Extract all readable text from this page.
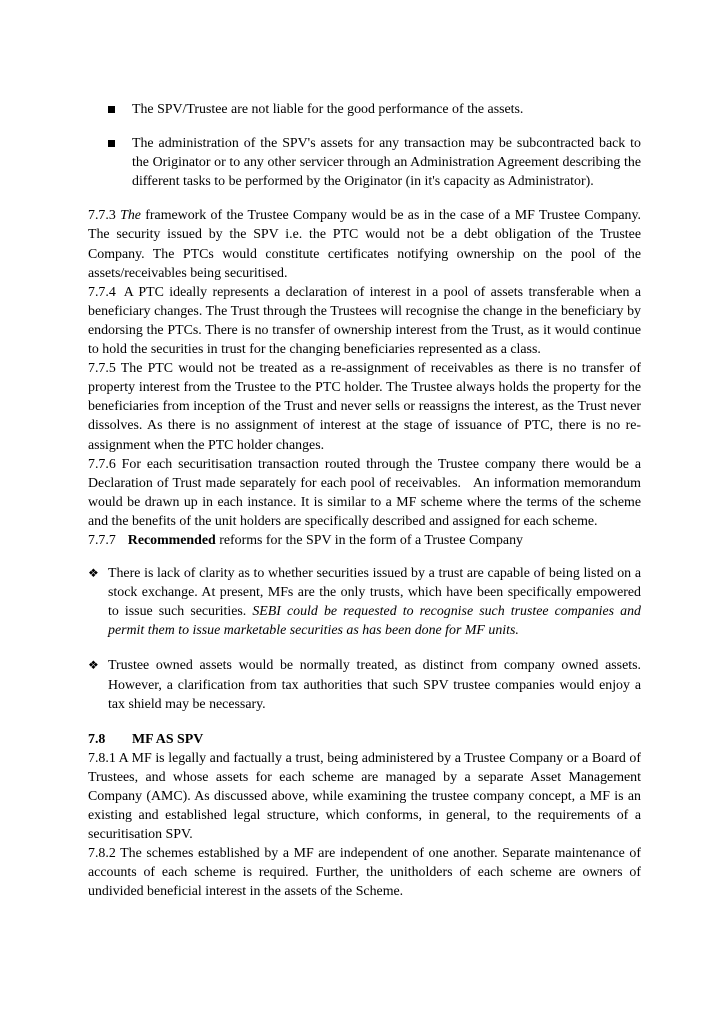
The SPV/Trustee are not liable for the good performance of the assets.
The administration of the SPV's assets for any transaction may be subcontracted back to the Originator or to any other servicer through an Administration Agreement describing the different tasks to be performed by the Originator (in it's capacity as Administrator).

7.7.3 The framework of the Trustee Company would be as in the case of a MF Trustee Company. The security issued by the SPV i.e. the PTC would not be a debt obligation of the Trustee Company. The PTCs would constitute certificates notifying ownership on the pool of the assets/receivables being securitised.

7.7.4 A PTC ideally represents a declaration of interest in a pool of assets transferable when a beneficiary changes. The Trust through the Trustees will recognise the change in the beneficiary by endorsing the PTCs. There is no transfer of ownership interest from the Trust, as it would continue to hold the securities in trust for the changing beneficiaries represented as a class.

7.7.5 The PTC would not be treated as a re-assignment of receivables as there is no transfer of property interest from the Trustee to the PTC holder. The Trustee always holds the property for the beneficiaries from inception of the Trust and never sells or reassigns the interest, as the Trust never dissolves. As there is no assignment of interest at the stage of issuance of PTC, there is no re-assignment when the PTC holder changes.

7.7.6 For each securitisation transaction routed through the Trustee company there would be a Declaration of Trust made separately for each pool of receivables.   An information memorandum would be drawn up in each instance. It is similar to a MF scheme where the terms of the scheme and the benefits of the unit holders are specifically described and assigned for each scheme.

7.7.7 Recommended reforms for the SPV in the form of a Trustee Company

❖ There is lack of clarity as to whether securities issued by a trust are capable of being listed on a stock exchange. At present, MFs are the only trusts, which have been specifically empowered to issue such securities. SEBI could be requested to recognise such trustee companies and permit them to issue marketable securities as has been done for MF units.
❖ Trustee owned assets would be normally treated, as distinct from company owned assets. However, a clarification from tax authorities that such SPV trustee companies would enjoy a tax shield may be necessary.

7.8 MF AS SPV

7.8.1 A MF is legally and factually a trust, being administered by a Trustee Company or a Board of Trustees, and whose assets for each scheme are managed by a separate Asset Management Company (AMC). As discussed above, while examining the trustee company concept, a MF is an existing and established legal structure, which conforms, in general, to the requirements of a securitisation SPV.

7.8.2 The schemes established by a MF are independent of one another. Separate maintenance of accounts of each scheme is required. Further, the unitholders of each scheme are owners of undivided beneficial interest in the assets of the Scheme.
